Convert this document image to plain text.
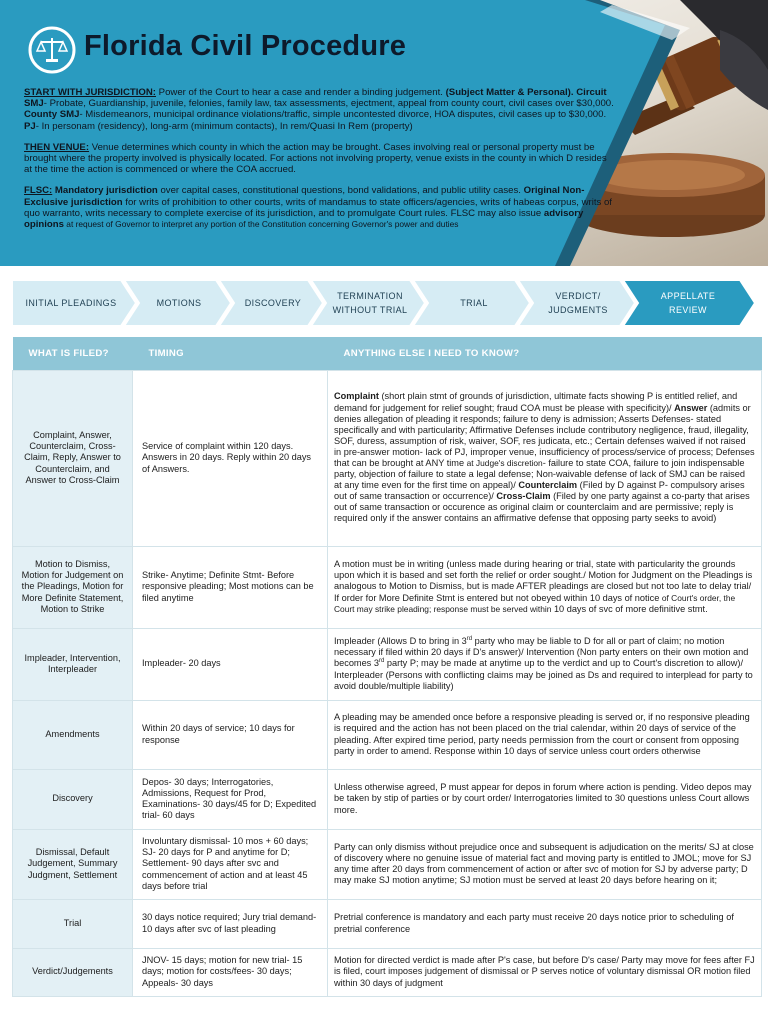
Florida Civil Procedure

START WITH JURISDICTION: Power of the Court to hear a case and render a binding judgement. (Subject Matter & Personal). Circuit SMJ- Probate, Guardianship, juvenile, felonies, family law, tax assessments, ejectment, appeal from county court, civil cases over $30,000. County SMJ- Misdemeanors, municipal ordinance violations/traffic, simple uncontested divorce, HOA disputes, civil cases up to $30,000. PJ- In personam (residency), long-arm (minimum contacts), In rem/Quasi In Rem (property)

THEN VENUE: Venue determines which county in which the action may be brought. Cases involving real or personal property must be brought where the property involved is physically located. For actions not involving property, venue exists in the county in which D resides at the time the action is commenced or where the COA accrued.

FLSC: Mandatory jurisdiction over capital cases, constitutional questions, bond validations, and public utility cases. Original Non-Exclusive jurisdiction for writs of prohibition to other courts, writs of mandamus to state officers/agencies, writs of habeas corpus, writs of quo warranto, writs necessary to complete exercise of its jurisdiction, and to promulgate Court rules. FLSC may also issue advisory opinions at request of Governor to interpret any portion of the Constitution concerning Governor's power and duties

INITIAL PLEADINGS	MOTIONS	DISCOVERY
TERMINATION
WITHOUT TRIAL
TRIAL
VERDICT/
JUDGMENTS
APPELLATE
REVIEW
WHAT IS FILED?	TIMING	ANYTHING ELSE I NEED TO KNOW?
Complaint, Answer, Counterclaim, Cross-Claim, Reply, Answer to Counterclaim, and Answer to Cross-Claim	Service of complaint within 120 days. Answers in 20 days. Reply within 20 days of Answers.	Complaint (short plain stmt of grounds of jurisdiction, ultimate facts showing P is entitled relief, and demand for judgement for relief sought; fraud COA must be please with specificity)/ Answer (admits or denies allegation of pleading it responds; failure to deny is admission; Asserts Defenses- stated specifically and with particularity; Affirmative Defenses include contributory negligence, fraud, illegality, SOF, duress, assumption of risk, waiver, SOF, res judicata, etc.; Certain defenses waived if not raised in pre-answer motion- lack of PJ, improper venue, insufficiency of process/service of process; Defenses that can be brought at ANY time at Judge's discretion- failure to state COA, failure to join indispensable party, objection of failure to state a legal defense; Non-waivable defense of lack of SMJ can be raised at any time even for the first time on appeal)/ Counterclaim (Filed by D against P- compulsory arises out of same transaction or occurrence)/ Cross-Claim (Filed by one party against a co-party that arises out of same transaction or occurence as original claim or counterclaim and are permissive; reply is required only if the answer contains an affirmative defense that opposing party seeks to avoid)
Motion to Dismiss, Motion for Judgement on the Pleadings, Motion for More Definite Statement, Motion to Strike	Strike- Anytime; Definite Stmt- Before responsive pleading; Most motions can be filed anytime	A motion must be in writing (unless made during hearing or trial, state with particularity the grounds upon which it is based and set forth the relief or order sought./ Motion for Judgment on the Pleadings is analogous to Motion to Dismiss, but is made AFTER pleadings are closed but not too late to delay trial/ If order for More Definite Stmt is entered but not obeyed within 10 days of notice of Court's order, the Court may strike pleading; response must be served within 10 days of svc of more definitive stmt.
Impleader, Intervention, Interpleader	Impleader- 20 days	Impleader (Allows D to bring in 3rd party who may be liable to D for all or part of claim; no motion necessary if filed within 20 days if D's answer)/ Intervention (Non party enters on their own motion and becomes 3rd party P; may be made at anytime up to the verdict and up to Court's discretion to allow)/ Interpleader (Persons with conflicting claims may be joined as Ds and required to interplead for party to avoid double/multiple liability)
Amendments	Within 20 days of service; 10 days for response	A pleading may be amended once before a responsive pleading is served or, if no responsive pleading is required and the action has not been placed on the trial calendar, within 20 days of service of the pleading. After expired time period, party needs permission from the court or consent from opposing party in order to amend. Response within 10 days of service unless court orders otherwise
Discovery	Depos- 30 days; Interrogatories, Admissions, Request for Prod, Examinations- 30 days/45 for D; Expedited trial- 60 days	Unless otherwise agreed, P must appear for depos in forum where action is pending. Video depos may be taken by stip of parties or by court order/ Interrogatories limited to 30 questions unless Court allows more.
Dismissal, Default Judgement, Summary Judgment, Settlement	Involuntary dismissal- 10 mos + 60 days; SJ- 20 days for P and anytime for D; Settlement- 90 days after svc and commencement of action and at least 45 days before trial	Party can only dismiss without prejudice once and subsequent is adjudication on the merits/ SJ at close of discovery where no genuine issue of material fact and moving party is entitled to JMOL; move for SJ any time after 20 days from commencement of action or after svc of motion for SJ by adverse party; D may make SJ motion anytime; SJ motion must be served at least 20 days before hearing on it;
Trial	30 days notice required; Jury trial demand- 10 days after svc of last pleading	Pretrial conference is mandatory and each party must receive 20 days notice prior to scheduling of pretrial conference
Verdict/Judgements	JNOV- 15 days; motion for new trial- 15 days; motion for costs/fees- 30 days; Appeals- 30 days	Motion for directed verdict is made after P's case, but before D's case/ Party may move for fees after FJ is filed, court imposes judgement of dismissal or P serves notice of voluntary dismissal OR motion filed within 30 days of judgment
